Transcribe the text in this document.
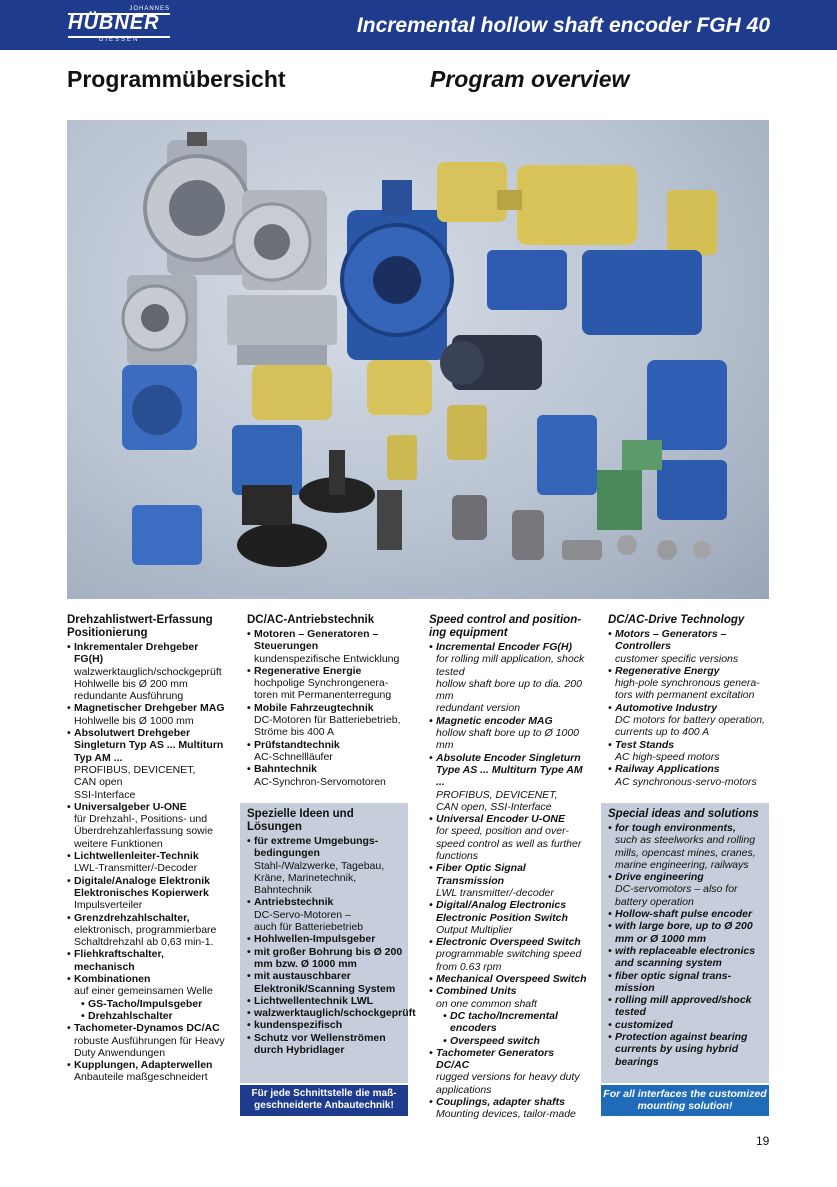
JOHANNES
HÜBNER
GIESSEN
Incremental hollow shaft encoder FGH 40
Programmübersicht	Program overview
Drehzahlistwert-Erfassung
Positionierung
• Inkrementaler Drehgeber FG(H)
walzwerktauglich/schockgeprüft
Hohlwelle bis Ø 200 mm
redundante Ausführung
• Magnetischer Drehgeber MAG
Hohlwelle bis Ø 1000 mm
• Absolutwert Drehgeber Singleturn Typ AS ... Multiturn Typ AM ...
PROFIBUS, DEVICENET,
CAN open
SSI-Interface
• Universalgeber U-ONE
für Drehzahl-, Positions- und Überdrehzahlerfassung sowie weitere Funktionen
• Lichtwellenleiter-Technik
LWL-Transmitter/-Decoder
• Digitale/Analoge Elektronik Elektronisches Kopierwerk
Impulsverteiler
• Grenzdrehzahlschalter,
elektronisch, programmierbare Schaltdrehzahl ab 0,63 min-1.
• Fliehkraftschalter, mechanisch
• Kombinationen
auf einer gemeinsamen Welle
• GS-Tacho/Impulsgeber
• Drehzahlschalter
• Tachometer-Dynamos DC/AC
robuste Ausführungen für Heavy Duty Anwendungen
• Kupplungen, Adapterwellen
Anbauteile maßgeschneidert
DC/AC-Antriebstechnik
• Motoren – Generatoren – Steuerungen
kundenspezifische Entwicklung
• Regenerative Energie
hochpolige Synchrongenera-
toren mit Permanenterregung
• Mobile Fahrzeugtechnik
DC-Motoren für Batteriebetrieb,
Ströme bis 400 A
• Prüfstandtechnik
AC-Schnellläufer
• Bahntechnik
AC-Synchron-Servomotoren
Spezielle Ideen und
Lösungen
• für extreme Umgebungs-bedingungen
Stahl-/Walzwerke, Tagebau, Kräne, Marinetechnik, Bahntechnik
• Antriebstechnik
DC-Servo-Motoren –
auch für Batteriebetrieb
• Hohlwellen-Impulsgeber
• mit großer Bohrung bis Ø 200 mm bzw. Ø 1000 mm
• mit austauschbarer Elektronik/Scanning System
• Lichtwellentechnik LWL
• walzwerktauglich/schockgeprüft
• kundenspezifisch
• Schutz vor Wellenströmen durch Hybridlager
Für jede Schnittstelle die maß-geschneiderte Anbautechnik!
Speed control and position-
ing equipment
• Incremental Encoder FG(H)
for rolling mill application, shock tested
hollow shaft bore up to dia. 200 mm
redundant version
• Magnetic encoder MAG
hollow shaft bore up to Ø 1000 mm
• Absolute Encoder Singleturn Type AS ... Multiturn Type AM ...
PROFIBUS, DEVICENET,
CAN open, SSI-Interface
• Universal Encoder U-ONE
for speed, position and over-speed control as well as further functions
• Fiber Optic Signal Transmission
LWL transmitter/-decoder
• Digital/Analog Electronics Electronic Position Switch
Output Multiplier
• Electronic Overspeed Switch
programmable switching speed from 0.63 rpm
• Mechanical Overspeed Switch
• Combined Units
on one common shaft
• DC tacho/Incremental encoders
• Overspeed switch
• Tachometer Generators DC/AC
rugged versions for heavy duty applications
• Couplings, adapter shafts
Mounting devices, tailor-made
DC/AC-Drive Technology
• Motors – Generators – Controllers
customer specific versions
• Regenerative Energy
high-pole synchronous genera-
tors with permanent excitation
• Automotive Industry
DC motors for battery operation,
currents up to 400 A
• Test Stands
AC high-speed motors
• Railway Applications
AC synchronous-servo-motors
Special ideas and solutions
• for tough environments,
such as steelworks and rolling mills, opencast mines, cranes, marine engineering, railways
• Drive engineering
DC-servomotors – also for battery operation
• Hollow-shaft pulse encoder
• with large bore, up to Ø 200 mm or Ø 1000 mm
• with replaceable electronics and scanning system
• fiber optic signal trans-mission
• rolling mill approved/shock tested
• customized
• Protection against bearing currents by using hybrid bearings
For all interfaces the customized mounting solution!
19
